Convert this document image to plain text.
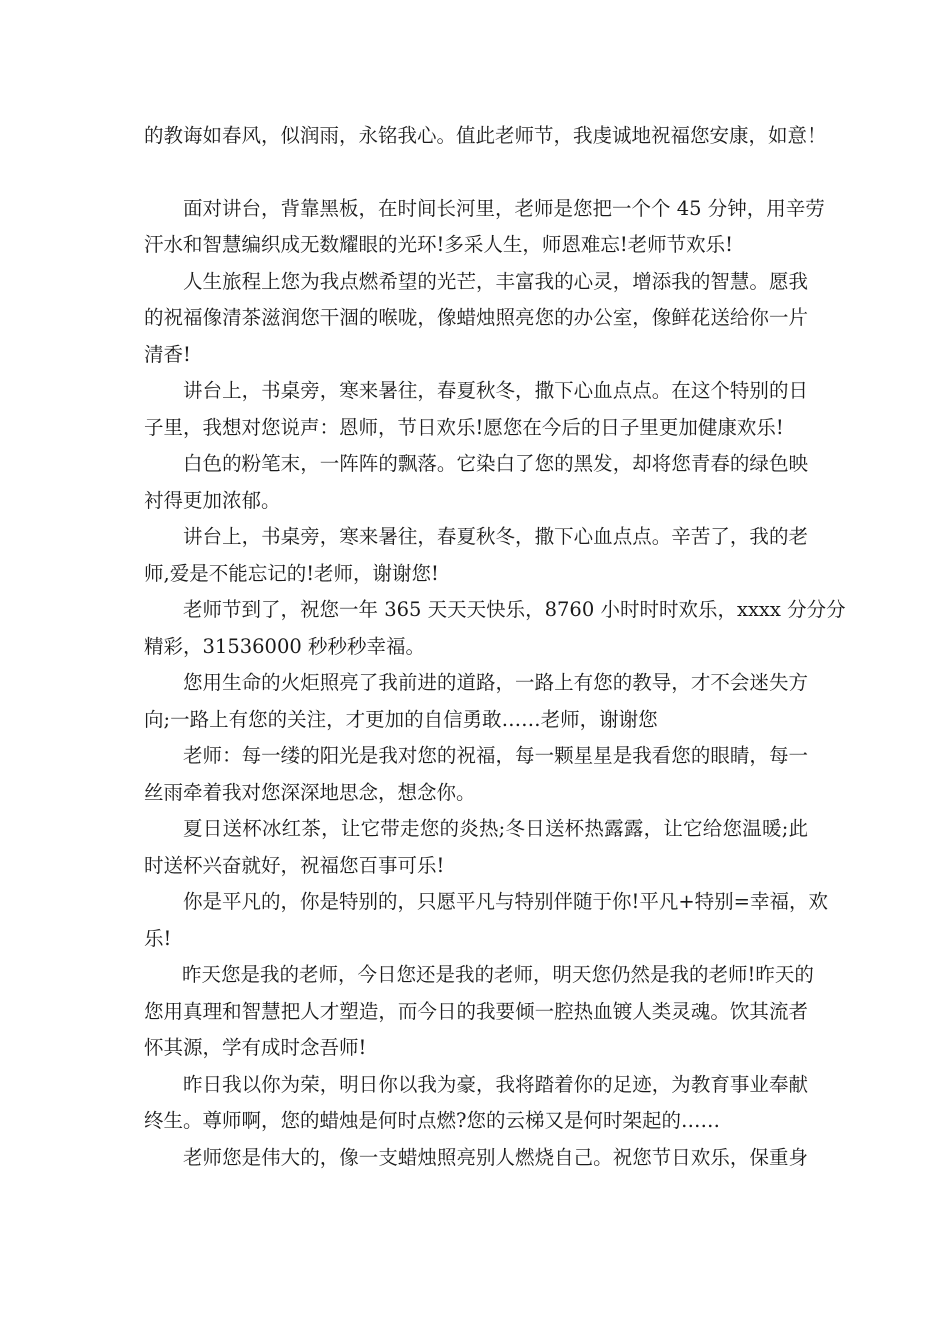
的教诲如春风，似润雨，永铭我心。值此老师节，我虔诚地祝福您安康，如意！

面对讲台，背靠黑板，在时间长河里，老师是您把一个个 45 分钟，用辛劳
汗水和智慧编织成无数耀眼的光环!多采人生，师恩难忘!老师节欢乐!

人生旅程上您为我点燃希望的光芒，丰富我的心灵，增添我的智慧。愿我
的祝福像清茶滋润您干涸的喉咙，像蜡烛照亮您的办公室，像鲜花送给你一片
清香!

讲台上，书桌旁，寒来暑往，春夏秋冬，撒下心血点点。在这个特别的日
子里，我想对您说声：恩师，节日欢乐!愿您在今后的日子里更加健康欢乐!

白色的粉笔末，一阵阵的飘落。它染白了您的黑发，却将您青春的绿色映
衬得更加浓郁。

讲台上，书桌旁，寒来暑往，春夏秋冬，撒下心血点点。辛苦了，我的老
师,爱是不能忘记的!老师，谢谢您!

老师节到了，祝您一年 365 天天天快乐，8760 小时时时欢乐，xxxx 分分分
精彩，31536000 秒秒秒幸福。

您用生命的火炬照亮了我前进的道路，一路上有您的教导，才不会迷失方
向;一路上有您的关注，才更加的自信勇敢……老师，谢谢您

老师：每一缕的阳光是我对您的祝福，每一颗星星是我看您的眼睛，每一
丝雨牵着我对您深深地思念，想念你。

夏日送杯冰红茶，让它带走您的炎热;冬日送杯热露露，让它给您温暖;此
时送杯兴奋就好，祝福您百事可乐!

你是平凡的，你是特别的，只愿平凡与特别伴随于你!平凡+特别=幸福，欢
乐!

昨天您是我的老师，今日您还是我的老师，明天您仍然是我的老师!昨天的
您用真理和智慧把人才塑造，而今日的我要倾一腔热血镀人类灵魂。饮其流者
怀其源，学有成时念吾师!

昨日我以你为荣，明日你以我为豪，我将踏着你的足迹，为教育事业奉献
终生。尊师啊，您的蜡烛是何时点燃?您的云梯又是何时架起的……

老师您是伟大的，像一支蜡烛照亮别人燃烧自己。祝您节日欢乐，保重身
